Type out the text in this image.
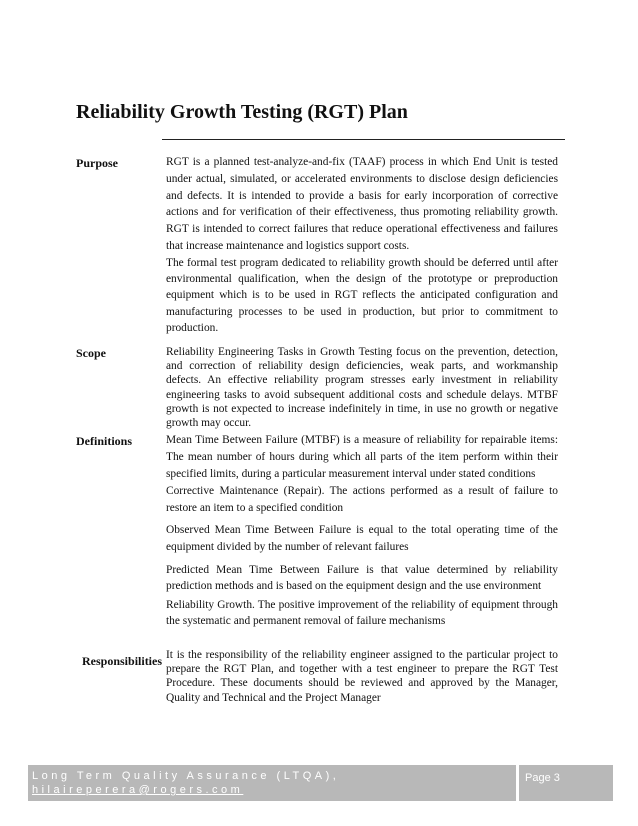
Reliability Growth Testing (RGT) Plan
Purpose	RGT is a planned test-analyze-and-fix (TAAF) process in which End Unit is tested under actual, simulated, or accelerated environments to disclose design deficiencies and defects. It is intended to provide a basis for early incorporation of corrective actions and for verification of their effectiveness, thus promoting reliability growth. RGT is intended to correct failures that reduce operational effectiveness and failures that increase maintenance and logistics support costs.

The formal test program dedicated to reliability growth should be deferred until after environmental qualification, when the design of the prototype or preproduction equipment which is to be used in RGT reflects the anticipated configuration and manufacturing processes to be used in production, but prior to commitment to production.

Scope	Reliability Engineering Tasks in Growth Testing focus on the prevention, detection, and correction of reliability design deficiencies, weak parts, and workmanship defects. An effective reliability program stresses early investment in reliability engineering tasks to avoid subsequent additional costs and schedule delays. MTBF growth is not expected to increase indefinitely in time, in use no growth or negative growth may occur.

Definitions	Mean Time Between Failure (MTBF) is a measure of reliability for repairable items: The mean number of hours during which all parts of the item perform within their specified limits, during a particular measurement interval under stated conditions

Corrective Maintenance (Repair). The actions performed as a result of failure to restore an item to a specified condition

Observed Mean Time Between Failure is equal to the total operating time of the equipment divided by the number of relevant failures

Predicted Mean Time Between Failure is that value determined by reliability prediction methods and is based on the equipment design and the use environment

Reliability Growth. The positive improvement of the reliability of equipment through the systematic and permanent removal of failure mechanisms

Responsibilities It is the responsibility of the reliability engineer assigned to the particular project to prepare the RGT Plan, and together with a test engineer to prepare the RGT Test Procedure. These documents should be reviewed and approved by the Manager, Quality and Technical and the Project Manager

Long Term Quality Assurance (LTQA),
hilaireperera@rogers.com
Page 3
